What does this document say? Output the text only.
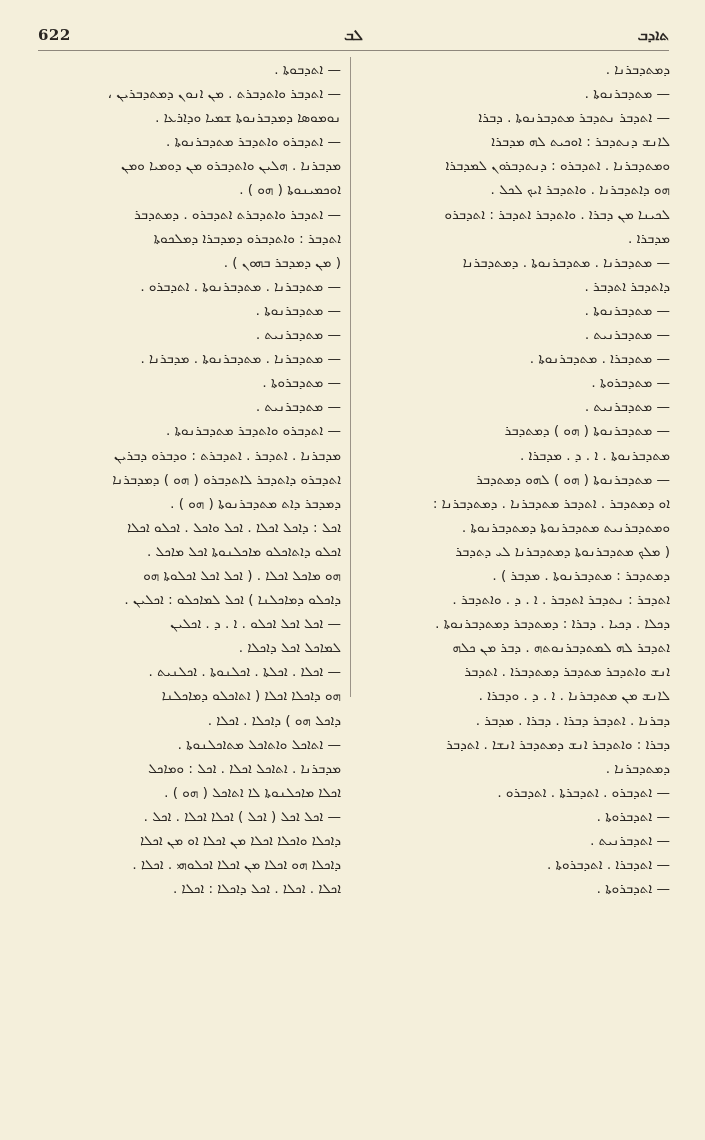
622	ܠܒ	ܬܐܕܒ
— ܐܬܕܒܘܬܐ .
— ܐܬܕܒܪ ܘܐܬܕܒܪܬ . ܡܢ ܐܢܘܢ ܕܡܬܕܒܪܝܢ ،
ܢܘܡܘܣܐ ܕܡܕܒܪܢܘܬܐ ܫܡܝܐ ܘܕܐܪܥܐ .
— ܐܬܕܒܪܘ ܘܐܬܕܒܪ ܡܬܕܒܪܢܘܬܐ .
ܡܕܒܪܢܐ . ܗܠܝܢ ܘܐܬܕܒܪܘ ܡܢ ܕܘܡܝܐ ܘܡܢ
ܐܘܟܡܝܢܘܬܐ ( ܗܘ ) .
— ܐܬܕܒܪ ܘܐܬܕܒܪܬ ܐܬܕܒܪܘ . ܕܡܬܕܒܪ
ܐܬܕܒܪ : ܘܐܬܕܒܪܘ ܕܡܕܒܪܐ ܕܡܠܟܘܬܐ
( ܡܢ ܕܡܕܒܪ ܒܗܘܢ ) .
— ܡܬܕܒܪܢܐ . ܡܬܕܒܪܢܘܬܐ . ܐܬܕܒܪܘ .
— ܡܬܕܒܪܢܘܬܐ .
— ܡܬܕܒܪܢܝܬ .
— ܡܬܕܒܪܢܐ . ܡܬܕܒܪܢܘܬܐ . ܡܕܒܪܢܐ .
— ܡܬܕܒܪܘܬܐ .
— ܡܬܕܒܪܢܝܬ .
— ܐܬܕܒܪܘ ܘܐܬܕܒܪ ܡܬܕܒܪܢܘܬܐ .
ܡܕܒܪܢܐ . ܐܬܕܒܪ . ܐܬܕܒܪܬ : ܘܕܒܪܘ ܕܒܪܝܢ
ܐܬܕܒܪܘ ܕܐܬܕܒܪ ܠܐܬܕܒܪܘ ( ܗܘ ) ܕܡܕܒܪܢܐ
ܕܡܕܒܪ ܕܐܬ ܡܬܕܒܪܢܘܬܐ ( ܗܘ ) .
ܐܟܠ : ܕܐܟܠ ܐܟܠܐ . ܐܟܠ ܘܐܟܠ . ܐܟܠܘ ܐܟܠܐ
ܐܟܠܘ ܕܐܬܐܟܠܘ ܡܐܟܠܢܘܬܐ ܐܟܠ ܡܐܟܠ .
ܗܘ ܡܐܟܠ ܐܟܠܐ . ( ܐܟܠ ܐܟܠ ܐܟܠܘܬܐ ܗܘ
ܕܐܟܠܘ ܕܡܐܟܠܢܐ ) ܐܟܠ ܠܡܐܟܠܘ : ܐܟܠܝܢ .
— ܐܟܠ ܐܟܠ ܐܟܠܘ . ܐ . ܕ . ܐܟܠܝܢ
ܠܡܐܟܠ ܐܟܠ ܕܐܟܠܐ .
— ܐܟܠܐ . ܐܟܠܬܐ . ܐܟܠܢܘܬܐ . ܐܟܠܢܝܬ .
ܗܘ ܕܐܟܠܐ ܐܟܠܐ ( ܐܬܐܟܠܘ ܕܡܐܟܠܢܐ
ܕܐܟܠ ܗܘ ) ܕܐܟܠܐ . ܐܟܠܐ .
— ܐܬܐܟܠ ܘܐܬܐܟܠ ܡܬܐܟܠܢܘܬܐ .
ܡܕܒܪܢܐ . ܐܬܐܟܠ ܐܟܠܐ . ܐܟܠ : ܘܡܐܟܠ
ܐܟܠܐ ܡܐܟܠܢܘܬܐ ܠܐ ܐܬܐܟܠ ( ܗܘ ) .
— ܐܟܠ ܐܟܠ ( ܐܟܠ ) ܐܟܠܐ ܐܟܠܐ . ܐܟܠ .
ܕܐܟܠܐ ܘܐܟܠܐ ܐܟܠܐ ܡܢ ܐܟܠܐ ܐܘ ܡܢ ܐܟܠܐ
ܕܐܟܠܐ ܗܘ ܐܟܠܐ ܡܢ ܐܟܠܐ ܐܟܠܘܗܝ . ܐܟܠܐ .
ܐܟܠܐ . ܐܟܠܐ . ܐܟܠ ܕܐܟܠܐ : ܐܟܠܐ .
ܕܡܬܕܒܪܢܐ .
— ܡܬܕܒܪܢܘܬܐ .
— ܐܬܕܒܪ ܢܬܕܒܪ ܡܬܕܒܪܢܘܬܐ . ܕܒܪܐ
ܠܐܢܫ ܕܢܬܕܒܪ : ܐܘܟܝܬ ܠܗ ܡܕܒܪܐ
ܘܡܬܕܒܪܢܐ . ܐܬܕܒܪܘ : ܕܢܬܕܒܪܘܢ ܠܡܕܒܪܐ
ܗܘ ܕܐܬܕܒܪܢܐ . ܘܐܬܕܒܪ ܐܝܟ ܠܟܠ .
ܠܟܝܢܐ ܡܢ ܕܒܪܐ . ܘܐܬܕܒܪ ܐܬܕܒܪ : ܐܬܕܒܪܘ
ܡܕܒܪܐ .
— ܡܬܕܒܪܢܐ . ܡܬܕܒܪܢܘܬܐ . ܕܡܬܕܒܪܢܐ
ܕܐܬܕܒܪ ܐܬܕܒܪ .
— ܡܬܕܒܪܢܘܬܐ .
— ܡܬܕܒܪܢܝܬ .
— ܡܬܕܒܪܐ . ܡܬܕܒܪܢܘܬܐ .
— ܡܬܕܒܪܘܬܐ .
— ܡܬܕܒܪܢܝܬ .
— ܡܬܕܒܪܢܘܬܐ ( ܗܘ ) ܕܡܬܕܒܪ
ܡܬܕܒܪܢܘܬܐ . ܐ . ܕ . ܡܕܒܪܐ .
— ܡܬܕܒܪܢܘܬܐ ( ܗܘ ) ܠܗܘ ܕܡܬܕܒܪ
ܐܘ ܕܡܬܕܒܪ . ܐܬܕܒܪ ܡܬܕܒܪܢܐ . ܕܡܬܕܒܪܢܐ :
ܘܡܬܕܒܪܢܝܬ ܡܬܕܒܪܢܘܬܐ ܕܡܬܕܒܪܢܘܬܐ .
( ܡܠܟ ܡܬܕܒܪܢܘܬܐ ܕܡܬܕܒܪܢܐ ܠܝ ܕܬܕܒܪ
ܕܡܬܕܒܪ : ܡܬܕܒܪܢܘܬܐ . ܡܕܒܪ ) .
ܐܬܕܒܪ : ܢܬܕܒܪ ܐܬܕܒܪ . ܐ . ܕ . ܘܐܬܕܒܪ .
ܕܟܠܐ . ܕܟܝܐ . ܕܒܪܐ : ܕܡܬܕܒܪ ܕܡܬܕܒܪܢܘܬܐ .
ܐܬܕܒܪ ܠܗ ܠܡܬܕܒܪܢܘܬܗ . ܕܒܪ ܡܢ ܟܠܗ
ܐܢܫ ܘܐܬܕܒܪ ܡܬܕܒܪ ܕܡܬܕܒܪܐ . ܐܬܕܒܪ
ܠܐܢܫ ܡܢ ܡܬܕܒܪܢܐ . ܐ . ܕ . ܘܕܒܪܐ .
ܕܒܪܢܐ . ܐܬܕܒܪ ܕܒܪܐ . ܕܒܪܐ . ܡܕܒܪ .
ܕܒܪܐ : ܘܐܬܕܒܪ ܐܢܫ ܕܡܬܕܒܪ ܐܢܫܐ . ܐܬܕܒܪ
ܕܡܬܕܒܪܢܐ .
— ܐܬܕܒܪܘ . ܐܬܕܒܪܬܐ . ܐܬܕܒܪܘ .
— ܐܬܕܒܪܘܬܐ .
— ܐܬܕܒܪܢܝܬ .
— ܐܬܕܒܪܐ . ܐܬܕܒܪܘܬܐ .
— ܐܬܕܒܪܘܬܐ .
